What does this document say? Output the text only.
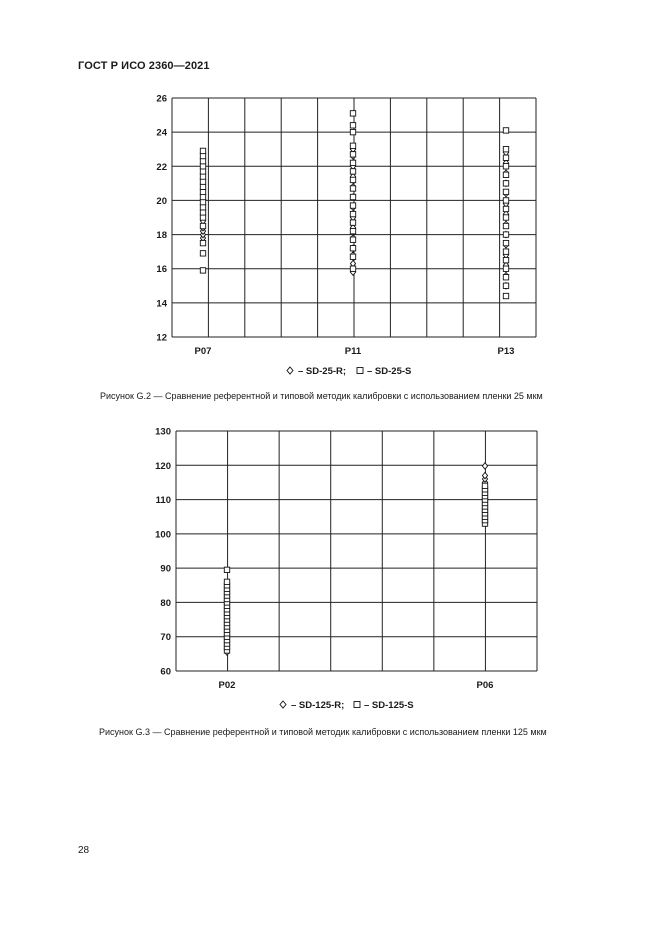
ГОСТ Р ИСО 2360—2021
12
14
16
18
20
22
24
26
P07	P11	P13
– SD-25-R; – SD-25-S
Рисунок G.2 — Сравнение референтной и типовой методик калибровки с использованием пленки 25 мкм
60
70
80
90
100
110
120
130
P02	P06
– SD-125-R; – SD-125-S
Рисунок G.3 — Сравнение референтной и типовой методик калибровки с использованием пленки 125 мкм
28
